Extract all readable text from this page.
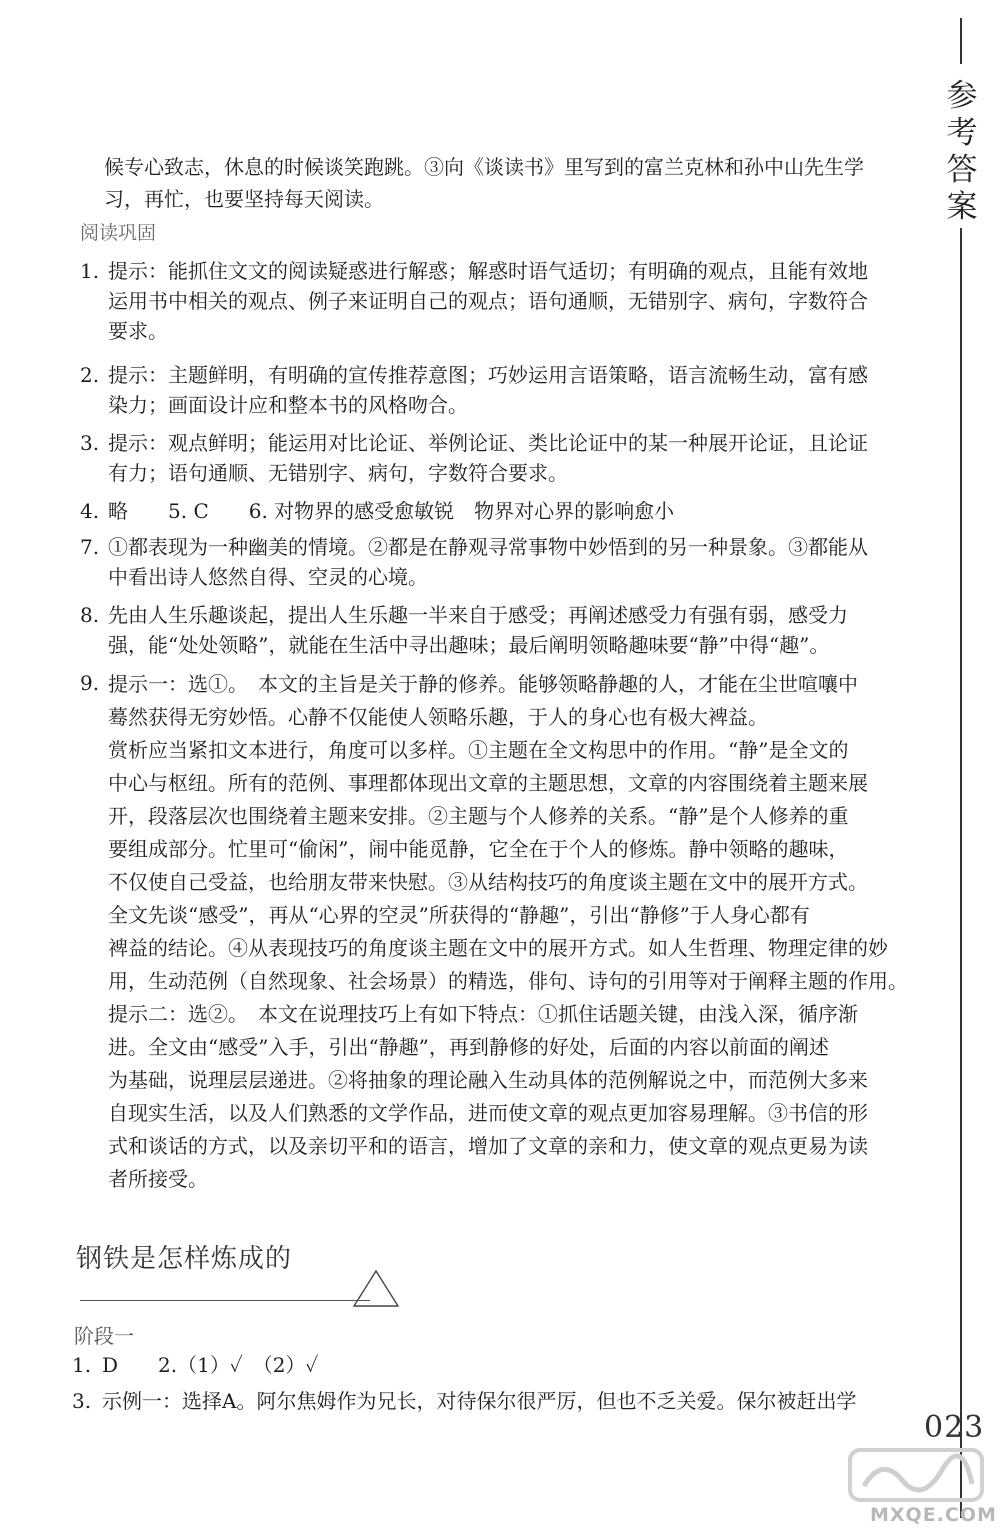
参
考
答
案
候专心致志，休息的时候谈笑跑跳。③向《谈读书》里写到的富兰克林和孙中山先生学
习，再忙，也要坚持每天阅读。
阅读巩固
1. 提示：能抓住文文的阅读疑惑进行解惑；解惑时语气适切；有明确的观点，且能有效地

运用书中相关的观点、例子来证明自己的观点；语句通顺，无错别字、病句，字数符合

要求。

2. 提示：主题鲜明，有明确的宣传推荐意图；巧妙运用言语策略，语言流畅生动，富有感

染力；画面设计应和整本书的风格吻合。

3. 提示：观点鲜明；能运用对比论证、举例论证、类比论证中的某一种展开论证，且论证

有力；语句通顺、无错别字、病句，字数符合要求。

4. 略　　5. C　　6. 对物界的感受愈敏锐　物界对心界的影响愈小

7. ①都表现为一种幽美的情境。②都是在静观寻常事物中妙悟到的另一种景象。③都能从

中看出诗人悠然自得、空灵的心境。

8. 先由人生乐趣谈起，提出人生乐趣一半来自于感受；再阐述感受力有强有弱，感受力

强，能“处处领略”，就能在生活中寻出趣味；最后阐明领略趣味要“静”中得“趣”。

9. 提示一：选①。　本文的主旨是关于静的修养。能够领略静趣的人，才能在尘世喧嚷中

蓦然获得无穷妙悟。心静不仅能使人领略乐趣，于人的身心也有极大裨益。

赏析应当紧扣文本进行，角度可以多样。①主题在全文构思中的作用。“静”是全文的

中心与枢纽。所有的范例、事理都体现出文章的主题思想，文章的内容围绕着主题来展

开，段落层次也围绕着主题来安排。②主题与个人修养的关系。“静”是个人修养的重

要组成部分。忙里可“偷闲”，闹中能觅静，它全在于个人的修炼。静中领略的趣味，

不仅使自己受益，也给朋友带来快慰。③从结构技巧的角度谈主题在文中的展开方式。

全文先谈“感受”，再从“心界的空灵”所获得的“静趣”，引出“静修”于人身心都有

裨益的结论。④从表现技巧的角度谈主题在文中的展开方式。如人生哲理、物理定律的妙

用，生动范例（自然现象、社会场景）的精选，俳句、诗句的引用等对于阐释主题的作用。

提示二：选②。　本文在说理技巧上有如下特点：①抓住话题关键，由浅入深，循序渐

进。全文由“感受”入手，引出“静趣”，再到静修的好处，后面的内容以前面的阐述

为基础，说理层层递进。②将抽象的理论融入生动具体的范例解说之中，而范例大多来

自现实生活，以及人们熟悉的文学作品，进而使文章的观点更加容易理解。③书信的形

式和谈话的方式，以及亲切平和的语言，增加了文章的亲和力，使文章的观点更易为读

者所接受。

钢铁是怎样炼成的
阶段一
1. D　　2.（1）✓　（2）✓
3. 示例一：选择A。阿尔焦姆作为兄长，对待保尔很严厉，但也不乏关爱。保尔被赶出学
023
MXQE.COM
